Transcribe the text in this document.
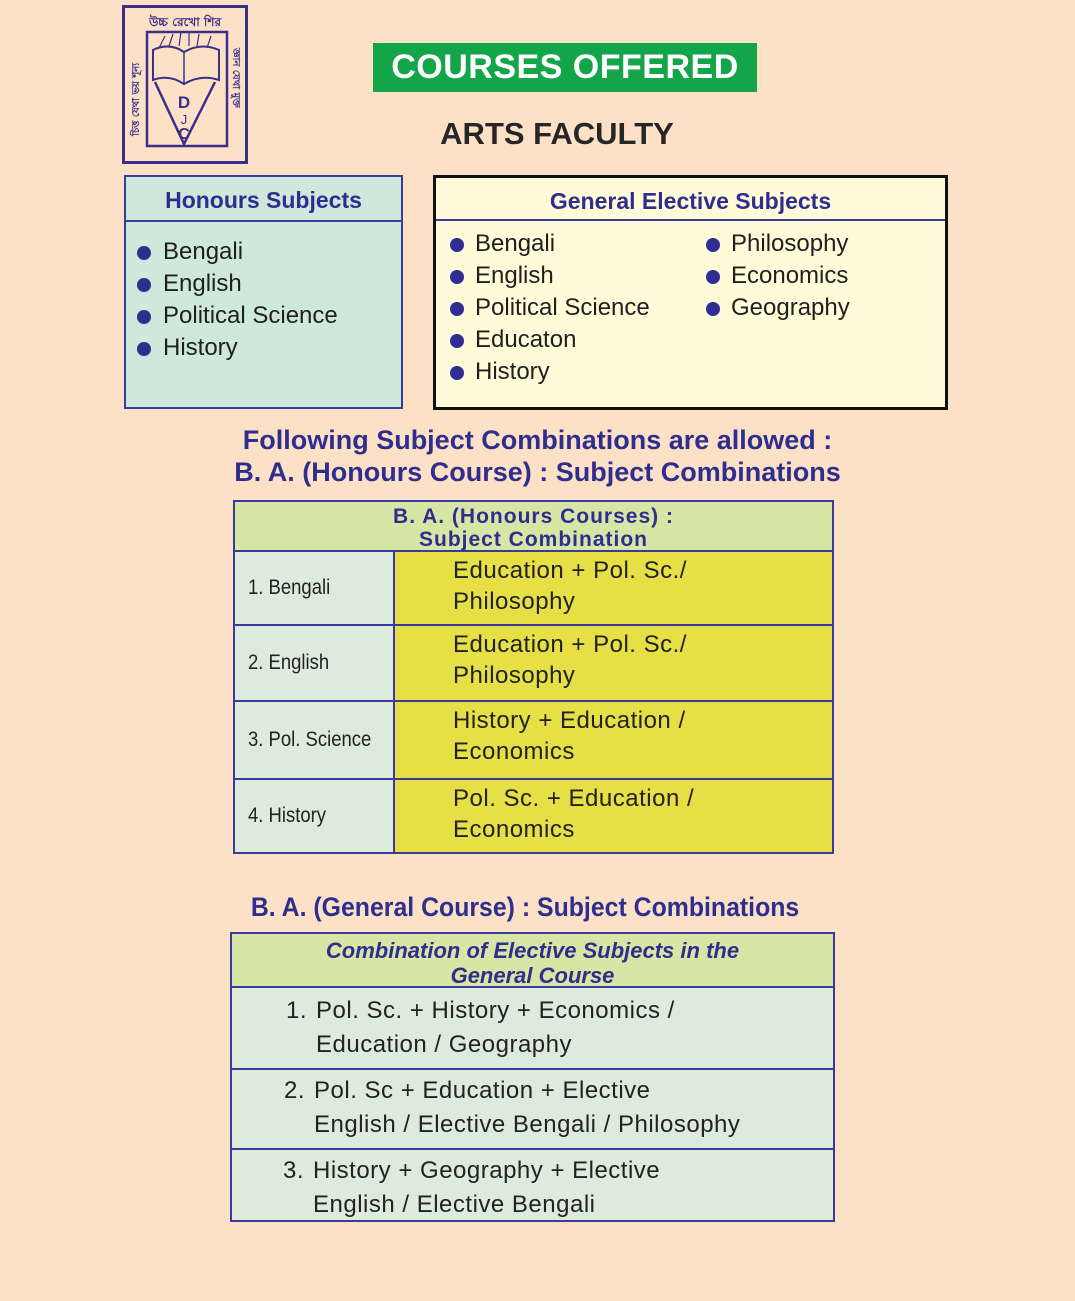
উচ্চ রেখো শির
চিত্ত যেথা ভয় শূন্য	জ্ঞান যেথা মুক্ত
D
J
C
COURSES OFFERED
ARTS FACULTY
Honours Subjects
Bengali
English
Political Science
History
General Elective Subjects
Bengali
English
Political Science
Educaton
History
Philosophy
Economics
Geography
Following Subject Combinations are allowed :
B. A. (Honours Course) : Subject Combinations
B. A. (Honours Courses) :
Subject Combination
1. Bengali
Education + Pol. Sc./
Philosophy
2. English
Education + Pol. Sc./
Philosophy
3. Pol. Science
History + Education /
Economics
4. History
Pol. Sc. + Education /
Economics
B. A. (General Course) : Subject Combinations
Combination of Elective Subjects in the
General Course
1. Pol. Sc. + History + Economics /
Education / Geography
2. Pol. Sc + Education + Elective
English / Elective Bengali / Philosophy
3. History + Geography + Elective
English / Elective Bengali
